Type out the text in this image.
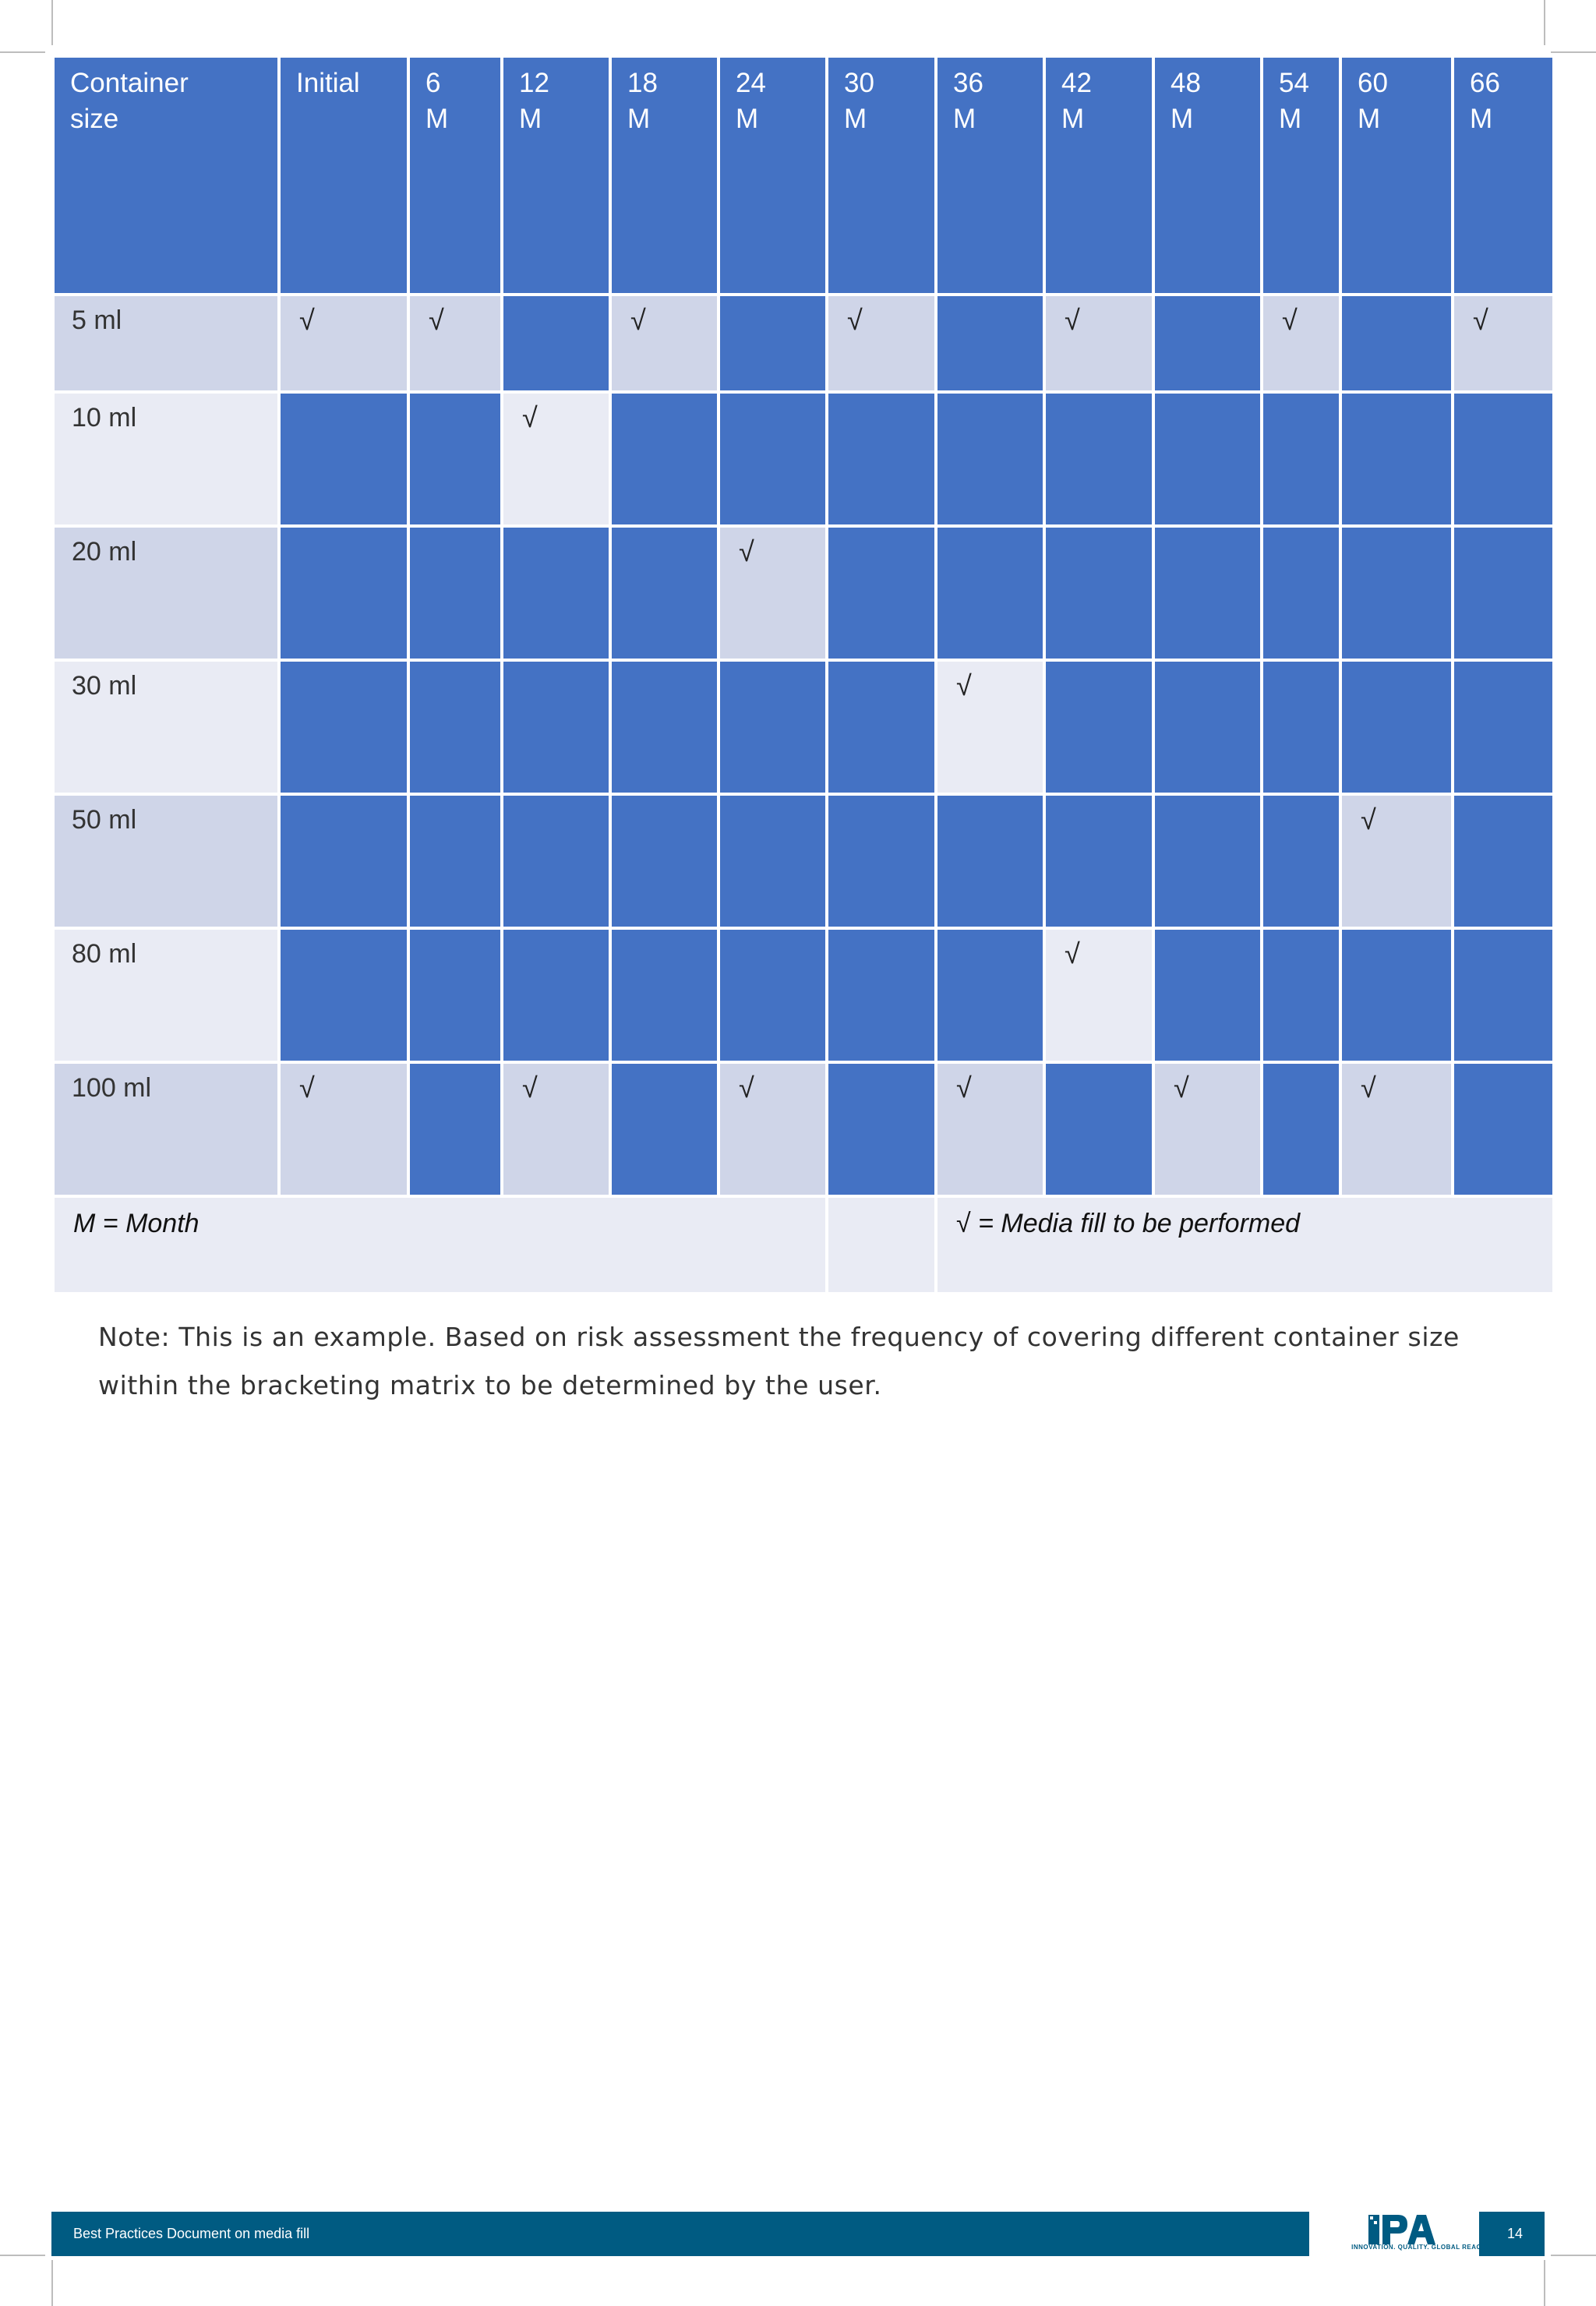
Container size	Initial	6 M	12 M	18 M	24 M	30 M	36 M	42 M	48 M	54 M	60 M	66 M

5 ml	√	√		√		√		√		√		√
10 ml			√									
20 ml					√							
30 ml							√					
50 ml											√	
80 ml								√				
100 ml	√		√		√		√		√		√	
M = Month							√ = Media fill to be performed					
Note: This is an example. Based on risk assessment the frequency of covering different container size within the bracketing matrix to be determined by the user.
Best Practices Document on media fill
INNOVATION. QUALITY. GLOBAL REACH.
14
